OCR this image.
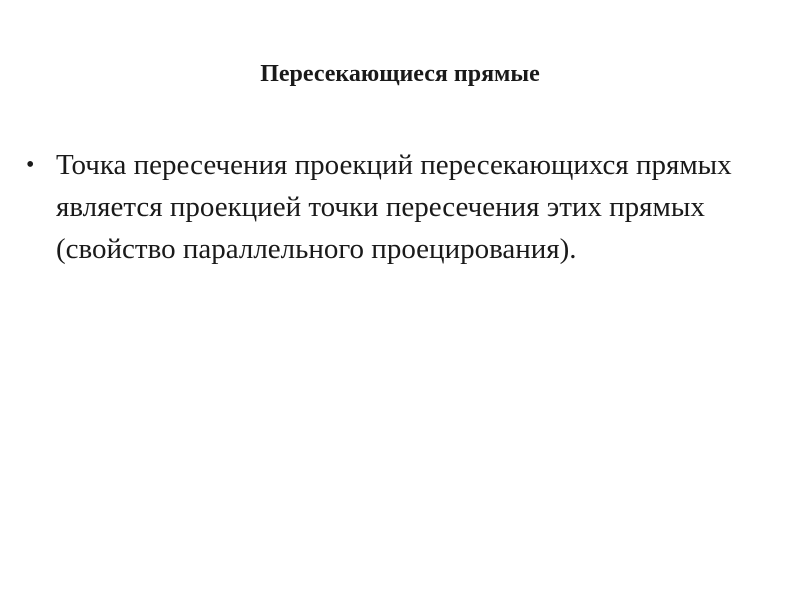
Пересекающиеся прямые
• Точка пересечения проекций пересекающихся прямых является проекцией точки пересечения этих прямых (свойство параллельного проецирования).
